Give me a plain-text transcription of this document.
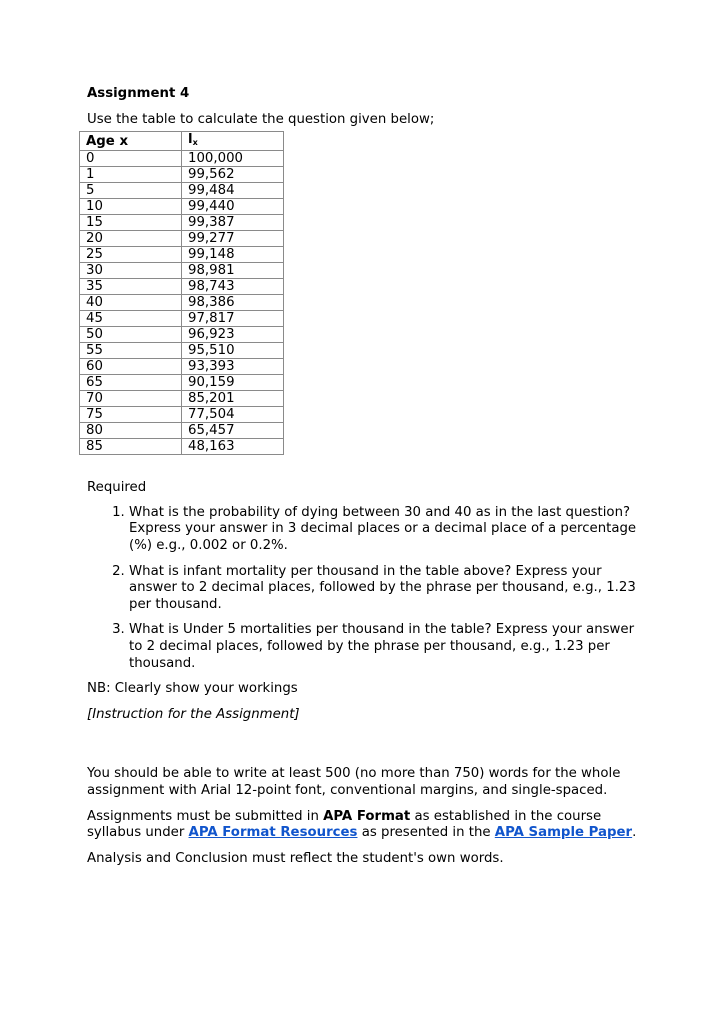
Assignment 4

Use the table to calculate the question given below;

Age x	$l_x$
0	100,000
1	99,562
5	99,484
10	99,440
15	99,387
20	99,277
25	99,148
30	98,981
35	98,743
40	98,386
45	97,817
50	96,923
55	95,510
60	93,393
65	90,159
70	85,201
75	77,504
80	65,457
85	48,163

Required

1. What is the probability of dying between 30 and 40 as in the last question? Express your answer in 3 decimal places or a decimal place of a percentage (%) e.g., 0.002 or 0.2%.
2. What is infant mortality per thousand in the table above? Express your answer to 2 decimal places, followed by the phrase per thousand, e.g., 1.23 per thousand.
3. What is Under 5 mortalities per thousand in the table? Express your answer to 2 decimal places, followed by the phrase per thousand, e.g., 1.23 per thousand.

NB: Clearly show your workings

[Instruction for the Assignment]

You should be able to write at least 500 (no more than 750) words for the whole assignment with Arial 12-point font, conventional margins, and single-spaced.

Assignments must be submitted in APA Format as established in the course syllabus under APA Format Resources as presented in the APA Sample Paper.

Analysis and Conclusion must reflect the student's own words.
